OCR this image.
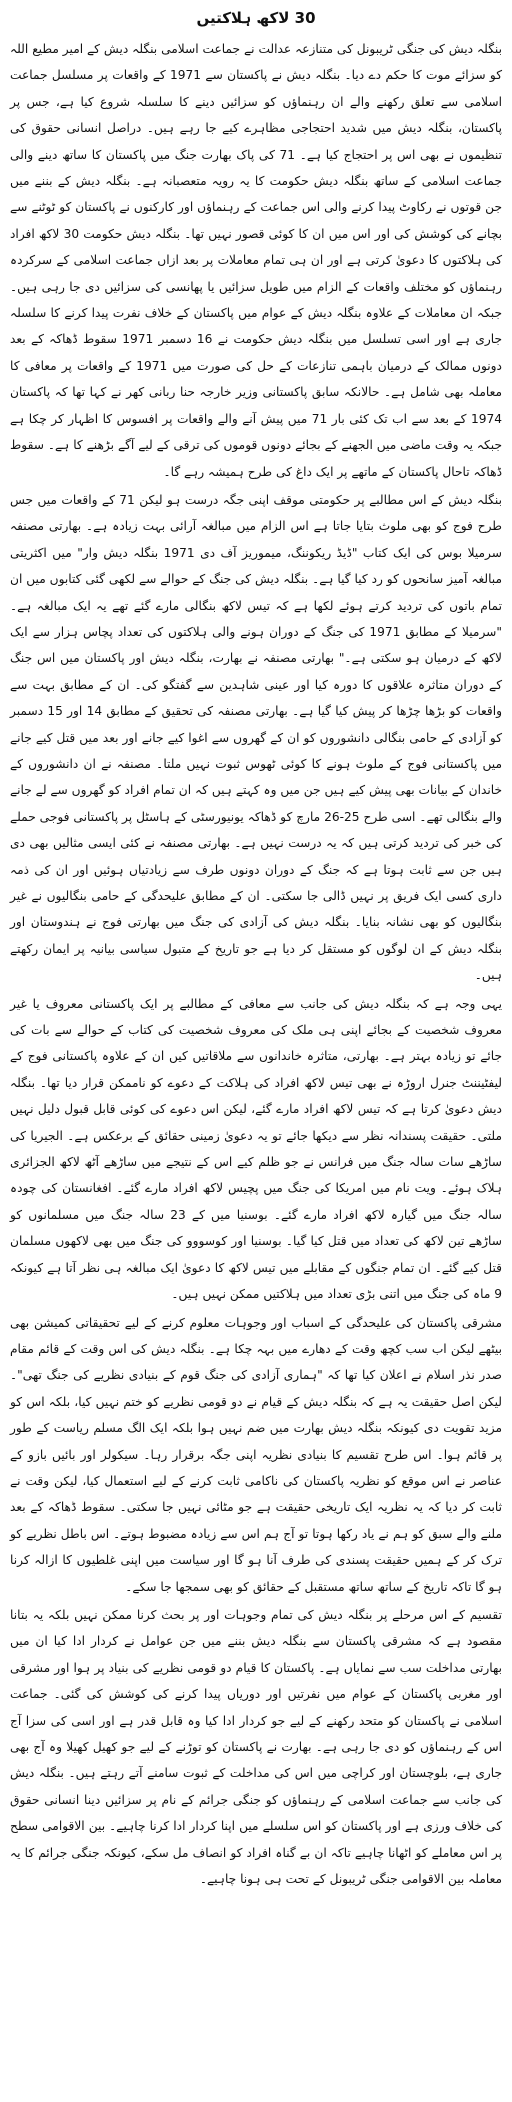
30 لاکھ ہلاکتیں
بنگلہ دیش کی جنگی ٹریبونل کی متنازعہ عدالت نے جماعت اسلامی بنگلہ دیش کے امیر مطیع اللہ کو سزائے موت کا حکم دے دیا۔ بنگلہ دیش نے پاکستان سے 1971 کے واقعات پر مسلسل جماعت اسلامی سے تعلق رکھنے والے ان رہنماؤں کو سزائیں دینے کا سلسلہ شروع کیا ہے، جس پر پاکستان، بنگلہ دیش میں شدید احتجاجی مظاہرے کیے جا رہے ہیں۔ دراصل انسانی حقوق کی تنظیموں نے بھی اس پر احتجاج کیا ہے۔ 71 کی پاک بھارت جنگ میں پاکستان کا ساتھ دینے والی جماعت اسلامی کے ساتھ بنگلہ دیش حکومت کا یہ رویہ متعصبانہ ہے۔ بنگلہ دیش کے بننے میں جن قوتوں نے رکاوٹ پیدا کرنے والی اس جماعت کے رہنماؤں اور کارکنوں نے پاکستان کو ٹوٹنے سے بچانے کی کوشش کی اور اس میں ان کا کوئی قصور نہیں تھا۔ بنگلہ دیش حکومت 30 لاکھ افراد کی ہلاکتوں کا دعویٰ کرتی ہے اور ان ہی تمام معاملات پر بعد ازاں جماعت اسلامی کے سرکردہ رہنماؤں کو مختلف واقعات کے الزام میں طویل سزائیں یا پھانسی کی سزائیں دی جا رہی ہیں۔ جبکہ ان معاملات کے علاوہ بنگلہ دیش کے عوام میں پاکستان کے خلاف نفرت پیدا کرنے کا سلسلہ جاری ہے اور اسی تسلسل میں بنگلہ دیش حکومت نے 16 دسمبر 1971 سقوط ڈھاکہ کے بعد دونوں ممالک کے درمیان باہمی تنازعات کے حل کی صورت میں 1971 کے واقعات پر معافی کا معاملہ بھی شامل ہے۔ حالانکہ سابق پاکستانی وزیر خارجہ حنا ربانی کھر نے کہا تھا کہ پاکستان 1974 کے بعد سے اب تک کئی بار 71 میں پیش آنے والے واقعات پر افسوس کا اظہار کر چکا ہے جبکہ یہ وقت ماضی میں الجھنے کے بجائے دونوں قوموں کی ترقی کے لیے آگے بڑھنے کا ہے۔ سقوط ڈھاکہ تاحال پاکستان کے ماتھے پر ایک داغ کی طرح ہمیشہ رہے گا۔
بنگلہ دیش کے اس مطالبے پر حکومتی موقف اپنی جگہ درست ہو لیکن 71 کے واقعات میں جس طرح فوج کو بھی ملوث بتایا جاتا ہے اس الزام میں مبالغہ آرائی بہت زیادہ ہے۔ بھارتی مصنفہ سرمیلا بوس کی ایک کتاب "ڈیڈ ریکوننگ، میموریز آف دی 1971 بنگلہ دیش وار" میں اکثریتی مبالغہ آمیز سانحوں کو رد کیا گیا ہے۔ بنگلہ دیش کی جنگ کے حوالے سے لکھی گئی کتابوں میں ان تمام باتوں کی تردید کرتے ہوئے لکھا ہے کہ تیس لاکھ بنگالی مارے گئے تھے یہ ایک مبالغہ ہے۔ "سرمیلا کے مطابق 1971 کی جنگ کے دوران ہونے والی ہلاکتوں کی تعداد پچاس ہزار سے ایک لاکھ کے درمیان ہو سکتی ہے۔" بھارتی مصنفہ نے بھارت، بنگلہ دیش اور پاکستان میں اس جنگ کے دوران متاثرہ علاقوں کا دورہ کیا اور عینی شاہدین سے گفتگو کی۔ ان کے مطابق بہت سے واقعات کو بڑھا چڑھا کر پیش کیا گیا ہے۔ بھارتی مصنفہ کی تحقیق کے مطابق 14 اور 15 دسمبر کو آزادی کے حامی بنگالی دانشوروں کو ان کے گھروں سے اغوا کیے جانے اور بعد میں قتل کیے جانے میں پاکستانی فوج کے ملوث ہونے کا کوئی ٹھوس ثبوت نہیں ملتا۔ مصنفہ نے ان دانشوروں کے خاندان کے بیانات بھی پیش کیے ہیں جن میں وہ کہتے ہیں کہ ان تمام افراد کو گھروں سے لے جانے والے بنگالی تھے۔ اسی طرح 25-26 مارچ کو ڈھاکہ یونیورسٹی کے ہاسٹل پر پاکستانی فوجی حملے کی خبر کی تردید کرتی ہیں کہ یہ درست نہیں ہے۔ بھارتی مصنفہ نے کئی ایسی مثالیں بھی دی ہیں جن سے ثابت ہوتا ہے کہ جنگ کے دوران دونوں طرف سے زیادتیاں ہوئیں اور ان کی ذمہ داری کسی ایک فریق پر نہیں ڈالی جا سکتی۔ ان کے مطابق علیحدگی کے حامی بنگالیوں نے غیر بنگالیوں کو بھی نشانہ بنایا۔ بنگلہ دیش کی آزادی کی جنگ میں بھارتی فوج نے ہندوستان اور بنگلہ دیش کے ان لوگوں کو مستقل کر دیا ہے جو تاریخ کے متبول سیاسی بیانیہ پر ایمان رکھتے ہیں۔
یہی وجہ ہے کہ بنگلہ دیش کی جانب سے معافی کے مطالبے پر ایک پاکستانی معروف یا غیر معروف شخصیت کے بجائے اپنی ہی ملک کی معروف شخصیت کی کتاب کے حوالے سے بات کی جائے تو زیادہ بہتر ہے۔ بھارتی، متاثرہ خاندانوں سے ملاقاتیں کیں ان کے علاوہ پاکستانی فوج کے لیفٹیننٹ جنرل اروڑہ نے بھی تیس لاکھ افراد کی ہلاکت کے دعوے کو ناممکن قرار دیا تھا۔ بنگلہ دیش دعویٰ کرتا ہے کہ تیس لاکھ افراد مارے گئے، لیکن اس دعوے کی کوئی قابل قبول دلیل نہیں ملتی۔ حقیقت پسندانہ نظر سے دیکھا جائے تو یہ دعویٰ زمینی حقائق کے برعکس ہے۔ الجیریا کی ساڑھے سات سالہ جنگ میں فرانس نے جو ظلم کیے اس کے نتیجے میں ساڑھے آٹھ لاکھ الجزائری ہلاک ہوئے۔ ویت نام میں امریکا کی جنگ میں پچیس لاکھ افراد مارے گئے۔ افغانستان کی چودہ سالہ جنگ میں گیارہ لاکھ افراد مارے گئے۔ بوسنیا میں کے 23 سالہ جنگ میں مسلمانوں کو ساڑھے تین لاکھ کی تعداد میں قتل کیا گیا۔ بوسنیا اور کوسووو کی جنگ میں بھی لاکھوں مسلمان قتل کیے گئے۔ ان تمام جنگوں کے مقابلے میں تیس لاکھ کا دعویٰ ایک مبالغہ ہی نظر آتا ہے کیونکہ 9 ماہ کی جنگ میں اتنی بڑی تعداد میں ہلاکتیں ممکن نہیں ہیں۔
مشرقی پاکستان کی علیحدگی کے اسباب اور وجوہات معلوم کرنے کے لیے تحقیقاتی کمیشن بھی بیٹھے لیکن اب سب کچھ وقت کے دھارے میں بہہ چکا ہے۔ بنگلہ دیش کی اس وقت کے قائم مقام صدر نذر اسلام نے اعلان کیا تھا کہ "ہماری آزادی کی جنگ قوم کے بنیادی نظریے کی جنگ تھی"۔ لیکن اصل حقیقت یہ ہے کہ بنگلہ دیش کے قیام نے دو قومی نظریے کو ختم نہیں کیا، بلکہ اس کو مزید تقویت دی کیونکہ بنگلہ دیش بھارت میں ضم نہیں ہوا بلکہ ایک الگ مسلم ریاست کے طور پر قائم ہوا۔ اس طرح تقسیم کا بنیادی نظریہ اپنی جگہ برقرار رہا۔ سیکولر اور بائیں بازو کے عناصر نے اس موقع کو نظریہ پاکستان کی ناکامی ثابت کرنے کے لیے استعمال کیا، لیکن وقت نے ثابت کر دیا کہ یہ نظریہ ایک تاریخی حقیقت ہے جو مٹائی نہیں جا سکتی۔ سقوط ڈھاکہ کے بعد ملنے والے سبق کو ہم نے یاد رکھا ہوتا تو آج ہم اس سے زیادہ مضبوط ہوتے۔ اس باطل نظریے کو ترک کر کے ہمیں حقیقت پسندی کی طرف آنا ہو گا اور سیاست میں اپنی غلطیوں کا ازالہ کرنا ہو گا تاکہ تاریخ کے ساتھ ساتھ مستقبل کے حقائق کو بھی سمجھا جا سکے۔
تقسیم کے اس مرحلے پر بنگلہ دیش کی تمام وجوہات اور پر بحث کرنا ممکن نہیں بلکہ یہ بتانا مقصود ہے کہ مشرقی پاکستان سے بنگلہ دیش بننے میں جن عوامل نے کردار ادا کیا ان میں بھارتی مداخلت سب سے نمایاں ہے۔ پاکستان کا قیام دو قومی نظریے کی بنیاد پر ہوا اور مشرقی اور مغربی پاکستان کے عوام میں نفرتیں اور دوریاں پیدا کرنے کی کوشش کی گئی۔ جماعت اسلامی نے پاکستان کو متحد رکھنے کے لیے جو کردار ادا کیا وہ قابل قدر ہے اور اسی کی سزا آج اس کے رہنماؤں کو دی جا رہی ہے۔ بھارت نے پاکستان کو توڑنے کے لیے جو کھیل کھیلا وہ آج بھی جاری ہے، بلوچستان اور کراچی میں اس کی مداخلت کے ثبوت سامنے آتے رہتے ہیں۔ بنگلہ دیش کی جانب سے جماعت اسلامی کے رہنماؤں کو جنگی جرائم کے نام پر سزائیں دینا انسانی حقوق کی خلاف ورزی ہے اور پاکستان کو اس سلسلے میں اپنا کردار ادا کرنا چاہیے۔ بین الاقوامی سطح پر اس معاملے کو اٹھانا چاہیے تاکہ ان بے گناہ افراد کو انصاف مل سکے، کیونکہ جنگی جرائم کا یہ معاملہ بین الاقوامی جنگی ٹریبونل کے تحت ہی ہونا چاہیے۔
